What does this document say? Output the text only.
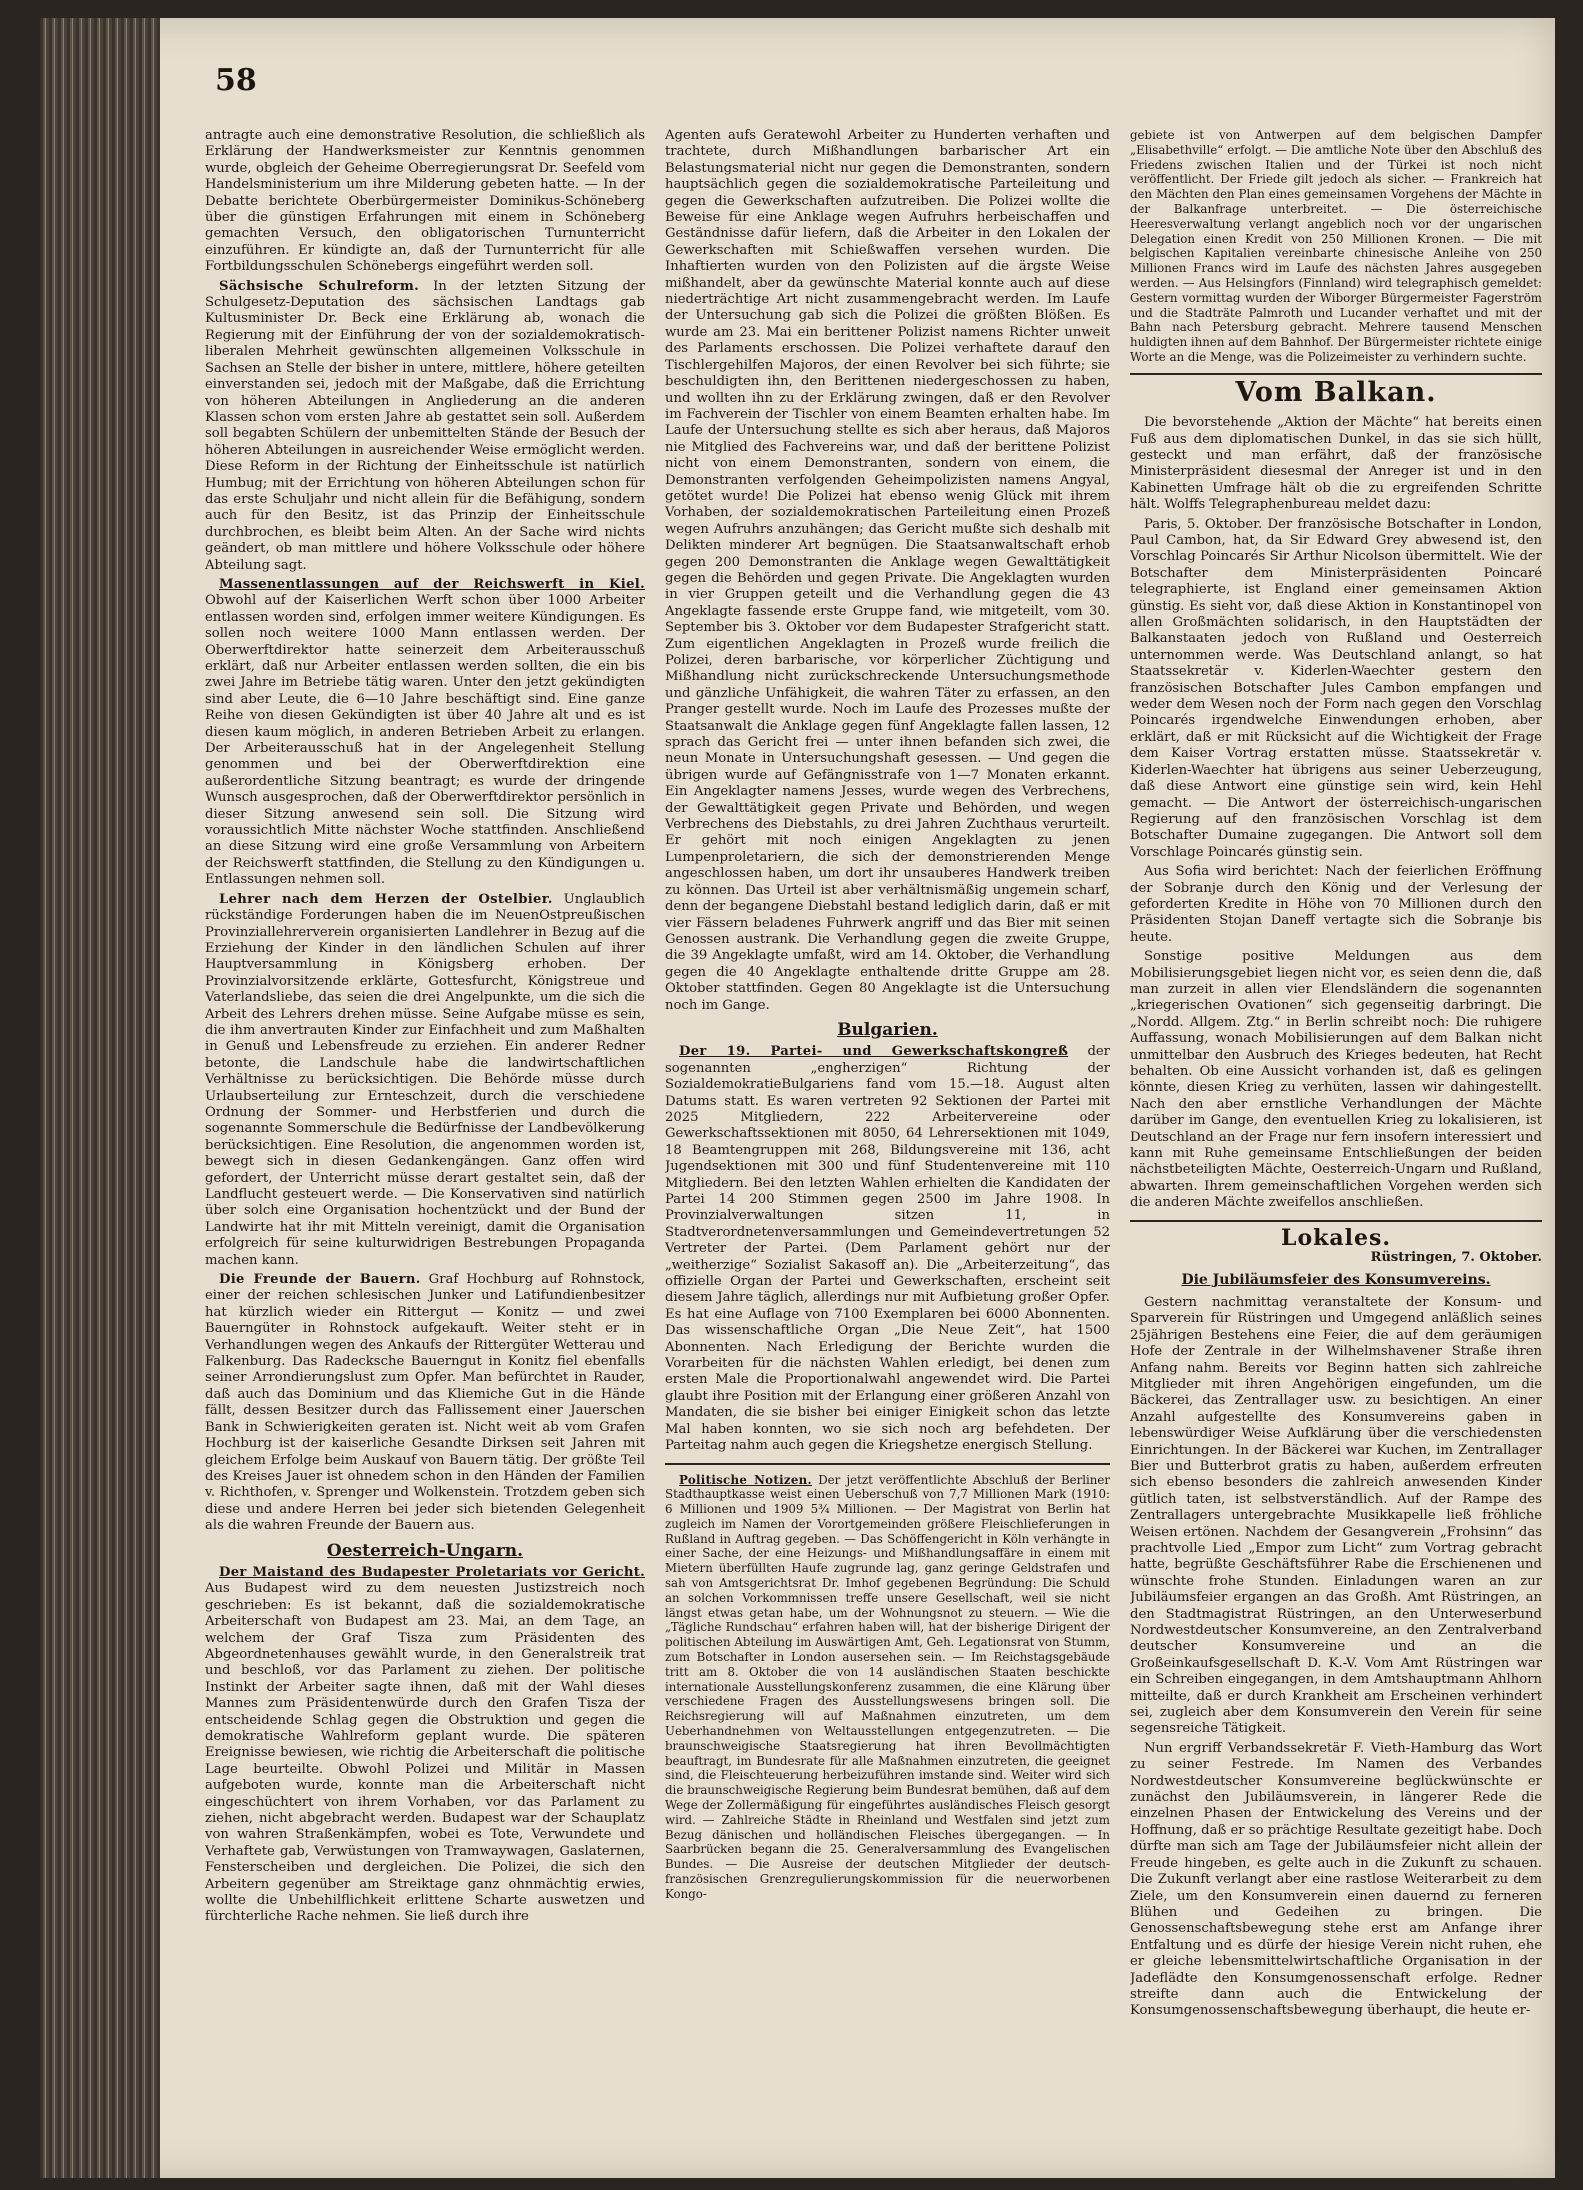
58

antragte auch eine demonstrative Resolution, die schließlich als Erklärung der Handwerksmeister zur Kenntnis genommen wurde, obgleich der Geheime Oberregierungsrat Dr. Seefeld vom Handelsministerium um ihre Milderung gebeten hatte. — In der Debatte berichtete Oberbürgermeister Dominikus-Schöneberg über die günstigen Erfahrungen mit einem in Schöneberg gemachten Versuch, den obligatorischen Turnunterricht einzuführen. Er kündigte an, daß der Turnunterricht für alle Fortbildungsschulen Schönebergs eingeführt werden soll.

Sächsische Schulreform. In der letzten Sitzung der Schulgesetz-Deputation des sächsischen Landtags gab Kultusminister Dr. Beck eine Erklärung ab, wonach die Regierung mit der Einführung der von der sozialdemokratisch-liberalen Mehrheit gewünschten allgemeinen Volksschule in Sachsen an Stelle der bisher in untere, mittlere, höhere geteilten einverstanden sei, jedoch mit der Maßgabe, daß die Errichtung von höheren Abteilungen in Angliederung an die anderen Klassen schon vom ersten Jahre ab gestattet sein soll. Außerdem soll begabten Schülern der unbemittelten Stände der Besuch der höheren Abteilungen in ausreichender Weise ermöglicht werden. Diese Reform in der Richtung der Einheitsschule ist natürlich Humbug; mit der Errichtung von höheren Abteilungen schon für das erste Schuljahr und nicht allein für die Befähigung, sondern auch für den Besitz, ist das Prinzip der Einheitsschule durchbrochen, es bleibt beim Alten. An der Sache wird nichts geändert, ob man mittlere und höhere Volksschule oder höhere Abteilung sagt.

Massenentlassungen auf der Reichswerft in Kiel. Obwohl auf der Kaiserlichen Werft schon über 1000 Arbeiter entlassen worden sind, erfolgen immer weitere Kündigungen. Es sollen noch weitere 1000 Mann entlassen werden. Der Oberwerftdirektor hatte seinerzeit dem Arbeiterausschuß erklärt, daß nur Arbeiter entlassen werden sollten, die ein bis zwei Jahre im Betriebe tätig waren. Unter den jetzt gekündigten sind aber Leute, die 6—10 Jahre beschäftigt sind. Eine ganze Reihe von diesen Gekündigten ist über 40 Jahre alt und es ist diesen kaum möglich, in anderen Betrieben Arbeit zu erlangen. Der Arbeiterausschuß hat in der Angelegenheit Stellung genommen und bei der Oberwerftdirektion eine außerordentliche Sitzung beantragt; es wurde der dringende Wunsch ausgesprochen, daß der Oberwerftdirektor persönlich in dieser Sitzung anwesend sein soll. Die Sitzung wird voraussichtlich Mitte nächster Woche stattfinden. Anschließend an diese Sitzung wird eine große Versammlung von Arbeitern der Reichswerft stattfinden, die Stellung zu den Kündigungen u. Entlassungen nehmen soll.

Lehrer nach dem Herzen der Ostelbier. Unglaublich rückständige Forderungen haben die im NeuenOstpreußischen Provinziallehrerverein organisierten Landlehrer in Bezug auf die Erziehung der Kinder in den ländlichen Schulen auf ihrer Hauptversammlung in Königsberg erhoben. Der Provinzialvorsitzende erklärte, Gottesfurcht, Königstreue und Vaterlandsliebe, das seien die drei Angelpunkte, um die sich die Arbeit des Lehrers drehen müsse. Seine Aufgabe müsse es sein, die ihm anvertrauten Kinder zur Einfachheit und zum Maßhalten in Genuß und Lebensfreude zu erziehen. Ein anderer Redner betonte, die Landschule habe die landwirtschaftlichen Verhältnisse zu berücksichtigen. Die Behörde müsse durch Urlaubserteilung zur Ernteschzeit, durch die verschiedene Ordnung der Sommer- und Herbstferien und durch die sogenannte Sommerschule die Bedürfnisse der Landbevölkerung berücksichtigen. Eine Resolution, die angenommen worden ist, bewegt sich in diesen Gedankengängen. Ganz offen wird gefordert, der Unterricht müsse derart gestaltet sein, daß der Landflucht gesteuert werde. — Die Konservativen sind natürlich über solch eine Organisation hochentzückt und der Bund der Landwirte hat ihr mit Mitteln vereinigt, damit die Organisation erfolgreich für seine kulturwidrigen Bestrebungen Propaganda machen kann.

Die Freunde der Bauern. Graf Hochburg auf Rohnstock, einer der reichen schlesischen Junker und Latifundienbesitzer hat kürzlich wieder ein Rittergut — Konitz — und zwei Bauerngüter in Rohnstock aufgekauft. Weiter steht er in Verhandlungen wegen des Ankaufs der Rittergüter Wetterau und Falkenburg. Das Radecksche Bauerngut in Konitz fiel ebenfalls seiner Arrondierungslust zum Opfer. Man befürchtet in Rauder, daß auch das Dominium und das Kliemiche Gut in die Hände fällt, dessen Besitzer durch das Fallissement einer Jauerschen Bank in Schwierigkeiten geraten ist. Nicht weit ab vom Grafen Hochburg ist der kaiserliche Gesandte Dirksen seit Jahren mit gleichem Erfolge beim Auskauf von Bauern tätig. Der größte Teil des Kreises Jauer ist ohnedem schon in den Händen der Familien v. Richthofen, v. Sprenger und Wolkenstein. Trotzdem geben sich diese und andere Herren bei jeder sich bietenden Gelegenheit als die wahren Freunde der Bauern aus.

Oesterreich-Ungarn.

Der Maistand des Budapester Proletariats vor Gericht. Aus Budapest wird zu dem neuesten Justizstreich noch geschrieben: Es ist bekannt, daß die sozialdemokratische Arbeiterschaft von Budapest am 23. Mai, an dem Tage, an welchem der Graf Tisza zum Präsidenten des Abgeordnetenhauses gewählt wurde, in den Generalstreik trat und beschloß, vor das Parlament zu ziehen. Der politische Instinkt der Arbeiter sagte ihnen, daß mit der Wahl dieses Mannes zum Präsidentenwürde durch den Grafen Tisza der entscheidende Schlag gegen die Obstruktion und gegen die demokratische Wahlreform geplant wurde. Die späteren Ereignisse bewiesen, wie richtig die Arbeiterschaft die politische Lage beurteilte. Obwohl Polizei und Militär in Massen aufgeboten wurde, konnte man die Arbeiterschaft nicht eingeschüchtert von ihrem Vorhaben, vor das Parlament zu ziehen, nicht abgebracht werden. Budapest war der Schauplatz von wahren Straßenkämpfen, wobei es Tote, Verwundete und Verhaftete gab, Verwüstungen von Tramwaywagen, Gaslaternen, Fensterscheiben und dergleichen. Die Polizei, die sich den Arbeitern gegenüber am Streiktage ganz ohnmächtig erwies, wollte die Unbehilflichkeit erlittene Scharte auswetzen und fürchterliche Rache nehmen. Sie ließ durch ihre

Agenten aufs Geratewohl Arbeiter zu Hunderten verhaften und trachtete, durch Mißhandlungen barbarischer Art ein Belastungsmaterial nicht nur gegen die Demonstranten, sondern hauptsächlich gegen die sozialdemokratische Parteileitung und gegen die Gewerkschaften aufzutreiben. Die Polizei wollte die Beweise für eine Anklage wegen Aufruhrs herbeischaffen und Geständnisse dafür liefern, daß die Arbeiter in den Lokalen der Gewerkschaften mit Schießwaffen versehen wurden. Die Inhaftierten wurden von den Polizisten auf die ärgste Weise mißhandelt, aber da gewünschte Material konnte auch auf diese niederträchtige Art nicht zusammengebracht werden. Im Laufe der Untersuchung gab sich die Polizei die größten Blößen. Es wurde am 23. Mai ein berittener Polizist namens Richter unweit des Parlaments erschossen. Die Polizei verhaftete darauf den Tischlergehilfen Majoros, der einen Revolver bei sich führte; sie beschuldigten ihn, den Berittenen niedergeschossen zu haben, und wollten ihn zu der Erklärung zwingen, daß er den Revolver im Fachverein der Tischler von einem Beamten erhalten habe. Im Laufe der Untersuchung stellte es sich aber heraus, daß Majoros nie Mitglied des Fachvereins war, und daß der berittene Polizist nicht von einem Demonstranten, sondern von einem, die Demonstranten verfolgenden Geheimpolizisten namens Angyal, getötet wurde! Die Polizei hat ebenso wenig Glück mit ihrem Vorhaben, der sozialdemokratischen Parteileitung einen Prozeß wegen Aufruhrs anzuhängen; das Gericht mußte sich deshalb mit Delikten minderer Art begnügen. Die Staatsanwaltschaft erhob gegen 200 Demonstranten die Anklage wegen Gewalttätigkeit gegen die Behörden und gegen Private. Die Angeklagten wurden in vier Gruppen geteilt und die Verhandlung gegen die 43 Angeklagte fassende erste Gruppe fand, wie mitgeteilt, vom 30. September bis 3. Oktober vor dem Budapester Strafgericht statt. Zum eigentlichen Angeklagten in Prozeß wurde freilich die Polizei, deren barbarische, vor körperlicher Züchtigung und Mißhandlung nicht zurückschreckende Untersuchungsmethode und gänzliche Unfähigkeit, die wahren Täter zu erfassen, an den Pranger gestellt wurde. Noch im Laufe des Prozesses mußte der Staatsanwalt die Anklage gegen fünf Angeklagte fallen lassen, 12 sprach das Gericht frei — unter ihnen befanden sich zwei, die neun Monate in Untersuchungshaft gesessen. — Und gegen die übrigen wurde auf Gefängnisstrafe von 1—7 Monaten erkannt. Ein Angeklagter namens Jesses, wurde wegen des Verbrechens, der Gewalttätigkeit gegen Private und Behörden, und wegen Verbrechens des Diebstahls, zu drei Jahren Zuchthaus verurteilt. Er gehört mit noch einigen Angeklagten zu jenen Lumpenproletariern, die sich der demonstrierenden Menge angeschlossen haben, um dort ihr unsauberes Handwerk treiben zu können. Das Urteil ist aber verhältnismäßig ungemein scharf, denn der begangene Diebstahl bestand lediglich darin, daß er mit vier Fässern beladenes Fuhrwerk angriff und das Bier mit seinen Genossen austrank. Die Verhandlung gegen die zweite Gruppe, die 39 Angeklagte umfaßt, wird am 14. Oktober, die Verhandlung gegen die 40 Angeklagte enthaltende dritte Gruppe am 28. Oktober stattfinden. Gegen 80 Angeklagte ist die Untersuchung noch im Gange.

Bulgarien.

Der 19. Partei- und Gewerkschaftskongreß der sogenannten „engherzigen“ Richtung der SozialdemokratieBulgariens fand vom 15.—18. August alten Datums statt. Es waren vertreten 92 Sektionen der Partei mit 2025 Mitgliedern, 222 Arbeitervereine oder Gewerkschaftssektionen mit 8050, 64 Lehrersektionen mit 1049, 18 Beamtengruppen mit 268, Bildungsvereine mit 136, acht Jugendsektionen mit 300 und fünf Studentenvereine mit 110 Mitgliedern. Bei den letzten Wahlen erhielten die Kandidaten der Partei 14 200 Stimmen gegen 2500 im Jahre 1908. In Provinzialverwaltungen sitzen 11, in Stadtverordnetenversammlungen und Gemeindevertretungen 52 Vertreter der Partei. (Dem Parlament gehört nur der „weitherzige“ Sozialist Sakasoff an). Die „Arbeiterzeitung“, das offizielle Organ der Partei und Gewerkschaften, erscheint seit diesem Jahre täglich, allerdings nur mit Aufbietung großer Opfer. Es hat eine Auflage von 7100 Exemplaren bei 6000 Abonnenten. Das wissenschaftliche Organ „Die Neue Zeit“, hat 1500 Abonnenten. Nach Erledigung der Berichte wurden die Vorarbeiten für die nächsten Wahlen erledigt, bei denen zum ersten Male die Proportionalwahl angewendet wird. Die Partei glaubt ihre Position mit der Erlangung einer größeren Anzahl von Mandaten, die sie bisher bei einiger Einigkeit schon das letzte Mal haben konnten, wo sie sich noch arg befehdeten. Der Parteitag nahm auch gegen die Kriegshetze energisch Stellung.

Politische Notizen. Der jetzt veröffentlichte Abschluß der Berliner Stadthauptkasse weist einen Ueberschuß von 7,7 Millionen Mark (1910: 6 Millionen und 1909 5¾ Millionen. — Der Magistrat von Berlin hat zugleich im Namen der Vorortgemeinden größere Fleischlieferungen in Rußland in Auftrag gegeben. — Das Schöffengericht in Köln verhängte in einer Sache, der eine Heizungs- und Mißhandlungsaffäre in einem mit Mietern überfüllten Haufe zugrunde lag, ganz geringe Geldstrafen und sah von Amtsgerichtsrat Dr. Imhof gegebenen Begründung: Die Schuld an solchen Vorkommnissen treffe unsere Gesellschaft, weil sie nicht längst etwas getan habe, um der Wohnungsnot zu steuern. — Wie die „Tägliche Rundschau“ erfahren haben will, hat der bisherige Dirigent der politischen Abteilung im Auswärtigen Amt, Geh. Legationsrat von Stumm, zum Botschafter in London ausersehen sein. — Im Reichstagsgebäude tritt am 8. Oktober die von 14 ausländischen Staaten beschickte internationale Ausstellungskonferenz zusammen, die eine Klärung über verschiedene Fragen des Ausstellungswesens bringen soll. Die Reichsregierung will auf Maßnahmen einzutreten, um dem Ueberhandnehmen von Weltausstellungen entgegenzutreten. — Die braunschweigische Staatsregierung hat ihren Bevollmächtigten beauftragt, im Bundesrate für alle Maßnahmen einzutreten, die geeignet sind, die Fleischteuerung herbeizuführen imstande sind. Weiter wird sich die braunschweigische Regierung beim Bundesrat bemühen, daß auf dem Wege der Zollermäßigung für eingeführtes ausländisches Fleisch gesorgt wird. — Zahlreiche Städte in Rheinland und Westfalen sind jetzt zum Bezug dänischen und holländischen Fleisches übergegangen. — In Saarbrücken begann die 25. Generalversammlung des Evangelischen Bundes. — Die Ausreise der deutschen Mitglieder der deutsch-französischen Grenzregulierungskommission für die neuerworbenen Kongo-

gebiete ist von Antwerpen auf dem belgischen Dampfer „Elisabethville“ erfolgt. — Die amtliche Note über den Abschluß des Friedens zwischen Italien und der Türkei ist noch nicht veröffentlicht. Der Friede gilt jedoch als sicher. — Frankreich hat den Mächten den Plan eines gemeinsamen Vorgehens der Mächte in der Balkanfrage unterbreitet. — Die österreichische Heeresverwaltung verlangt angeblich noch vor der ungarischen Delegation einen Kredit von 250 Millionen Kronen. — Die mit belgischen Kapitalien vereinbarte chinesische Anleihe von 250 Millionen Francs wird im Laufe des nächsten Jahres ausgegeben werden. — Aus Helsingfors (Finnland) wird telegraphisch gemeldet: Gestern vormittag wurden der Wiborger Bürgermeister Fagerström und die Stadträte Palmroth und Lucander verhaftet und mit der Bahn nach Petersburg gebracht. Mehrere tausend Menschen huldigten ihnen auf dem Bahnhof. Der Bürgermeister richtete einige Worte an die Menge, was die Polizeimeister zu verhindern suchte.

Vom Balkan.

Die bevorstehende „Aktion der Mächte“ hat bereits einen Fuß aus dem diplomatischen Dunkel, in das sie sich hüllt, gesteckt und man erfährt, daß der französische Ministerpräsident diesesmal der Anreger ist und in den Kabinetten Umfrage hält ob die zu ergreifenden Schritte hält. Wolffs Telegraphenbureau meldet dazu:

Paris, 5. Oktober. Der französische Botschafter in London, Paul Cambon, hat, da Sir Edward Grey abwesend ist, den Vorschlag Poincarés Sir Arthur Nicolson übermittelt. Wie der Botschafter dem Ministerpräsidenten Poincaré telegraphierte, ist England einer gemeinsamen Aktion günstig. Es sieht vor, daß diese Aktion in Konstantinopel von allen Großmächten solidarisch, in den Hauptstädten der Balkanstaaten jedoch von Rußland und Oesterreich unternommen werde. Was Deutschland anlangt, so hat Staatssekretär v. Kiderlen-Waechter gestern den französischen Botschafter Jules Cambon empfangen und weder dem Wesen noch der Form nach gegen den Vorschlag Poincarés irgendwelche Einwendungen erhoben, aber erklärt, daß er mit Rücksicht auf die Wichtigkeit der Frage dem Kaiser Vortrag erstatten müsse. Staatssekretär v. Kiderlen-Waechter hat übrigens aus seiner Ueberzeugung, daß diese Antwort eine günstige sein wird, kein Hehl gemacht. — Die Antwort der österreichisch-ungarischen Regierung auf den französischen Vorschlag ist dem Botschafter Dumaine zugegangen. Die Antwort soll dem Vorschlage Poincarés günstig sein.

Aus Sofia wird berichtet: Nach der feierlichen Eröffnung der Sobranje durch den König und der Verlesung der geforderten Kredite in Höhe von 70 Millionen durch den Präsidenten Stojan Daneff vertagte sich die Sobranje bis heute.

Sonstige positive Meldungen aus dem Mobilisierungsgebiet liegen nicht vor, es seien denn die, daß man zurzeit in allen vier Elendsländern die sogenannten „kriegerischen Ovationen“ sich gegenseitig darbringt. Die „Nordd. Allgem. Ztg.“ in Berlin schreibt noch: Die ruhigere Auffassung, wonach Mobilisierungen auf dem Balkan nicht unmittelbar den Ausbruch des Krieges bedeuten, hat Recht behalten. Ob eine Aussicht vorhanden ist, daß es gelingen könnte, diesen Krieg zu verhüten, lassen wir dahingestellt. Nach den aber ernstliche Verhandlungen der Mächte darüber im Gange, den eventuellen Krieg zu lokalisieren, ist Deutschland an der Frage nur fern insofern interessiert und kann mit Ruhe gemeinsame Entschließungen der beiden nächstbeteiligten Mächte, Oesterreich-Ungarn und Rußland, abwarten. Ihrem gemeinschaftlichen Vorgehen werden sich die anderen Mächte zweifellos anschließen.

Lokales.
Rüstringen, 7. Oktober.
Die Jubiläumsfeier des Konsumvereins.

Gestern nachmittag veranstaltete der Konsum- und Sparverein für Rüstringen und Umgegend anläßlich seines 25jährigen Bestehens eine Feier, die auf dem geräumigen Hofe der Zentrale in der Wilhelmshavener Straße ihren Anfang nahm. Bereits vor Beginn hatten sich zahlreiche Mitglieder mit ihren Angehörigen eingefunden, um die Bäckerei, das Zentrallager usw. zu besichtigen. An einer Anzahl aufgestellte des Konsumvereins gaben in lebenswürdiger Weise Aufklärung über die verschiedensten Einrichtungen. In der Bäckerei war Kuchen, im Zentrallager Bier und Butterbrot gratis zu haben, außerdem erfreuten sich ebenso besonders die zahlreich anwesenden Kinder gütlich taten, ist selbstverständlich. Auf der Rampe des Zentrallagers untergebrachte Musikkapelle ließ fröhliche Weisen ertönen. Nachdem der Gesangverein „Frohsinn“ das prachtvolle Lied „Empor zum Licht“ zum Vortrag gebracht hatte, begrüßte Geschäftsführer Rabe die Erschienenen und wünschte frohe Stunden. Einladungen waren an zur Jubiläumsfeier ergangen an das Großh. Amt Rüstringen, an den Stadtmagistrat Rüstringen, an den Unterweserbund Nordwestdeutscher Konsumvereine, an den Zentralverband deutscher Konsumvereine und an die Großeinkaufsgesellschaft D. K.-V. Vom Amt Rüstringen war ein Schreiben eingegangen, in dem Amtshauptmann Ahlhorn mitteilte, daß er durch Krankheit am Erscheinen verhindert sei, zugleich aber dem Konsumverein den Verein für seine segensreiche Tätigkeit.

Nun ergriff Verbandssekretär F. Vieth-Hamburg das Wort zu seiner Festrede. Im Namen des Verbandes Nordwestdeutscher Konsumvereine beglückwünschte er zunächst den Jubiläumsverein, in längerer Rede die einzelnen Phasen der Entwickelung des Vereins und der Hoffnung, daß er so prächtige Resultate gezeitigt habe. Doch dürfte man sich am Tage der Jubiläumsfeier nicht allein der Freude hingeben, es gelte auch in die Zukunft zu schauen. Die Zukunft verlangt aber eine rastlose Weiterarbeit zu dem Ziele, um den Konsumverein einen dauernd zu ferneren Blühen und Gedeihen zu bringen. Die Genossenschaftsbewegung stehe erst am Anfange ihrer Entfaltung und es dürfe der hiesige Verein nicht ruhen, ehe er gleiche lebensmittelwirtschaftliche Organisation in der Jadeflädte den Konsumgenossenschaft erfolge. Redner streifte dann auch die Entwickelung der Konsumgenossenschaftsbewegung überhaupt, die heute er-
